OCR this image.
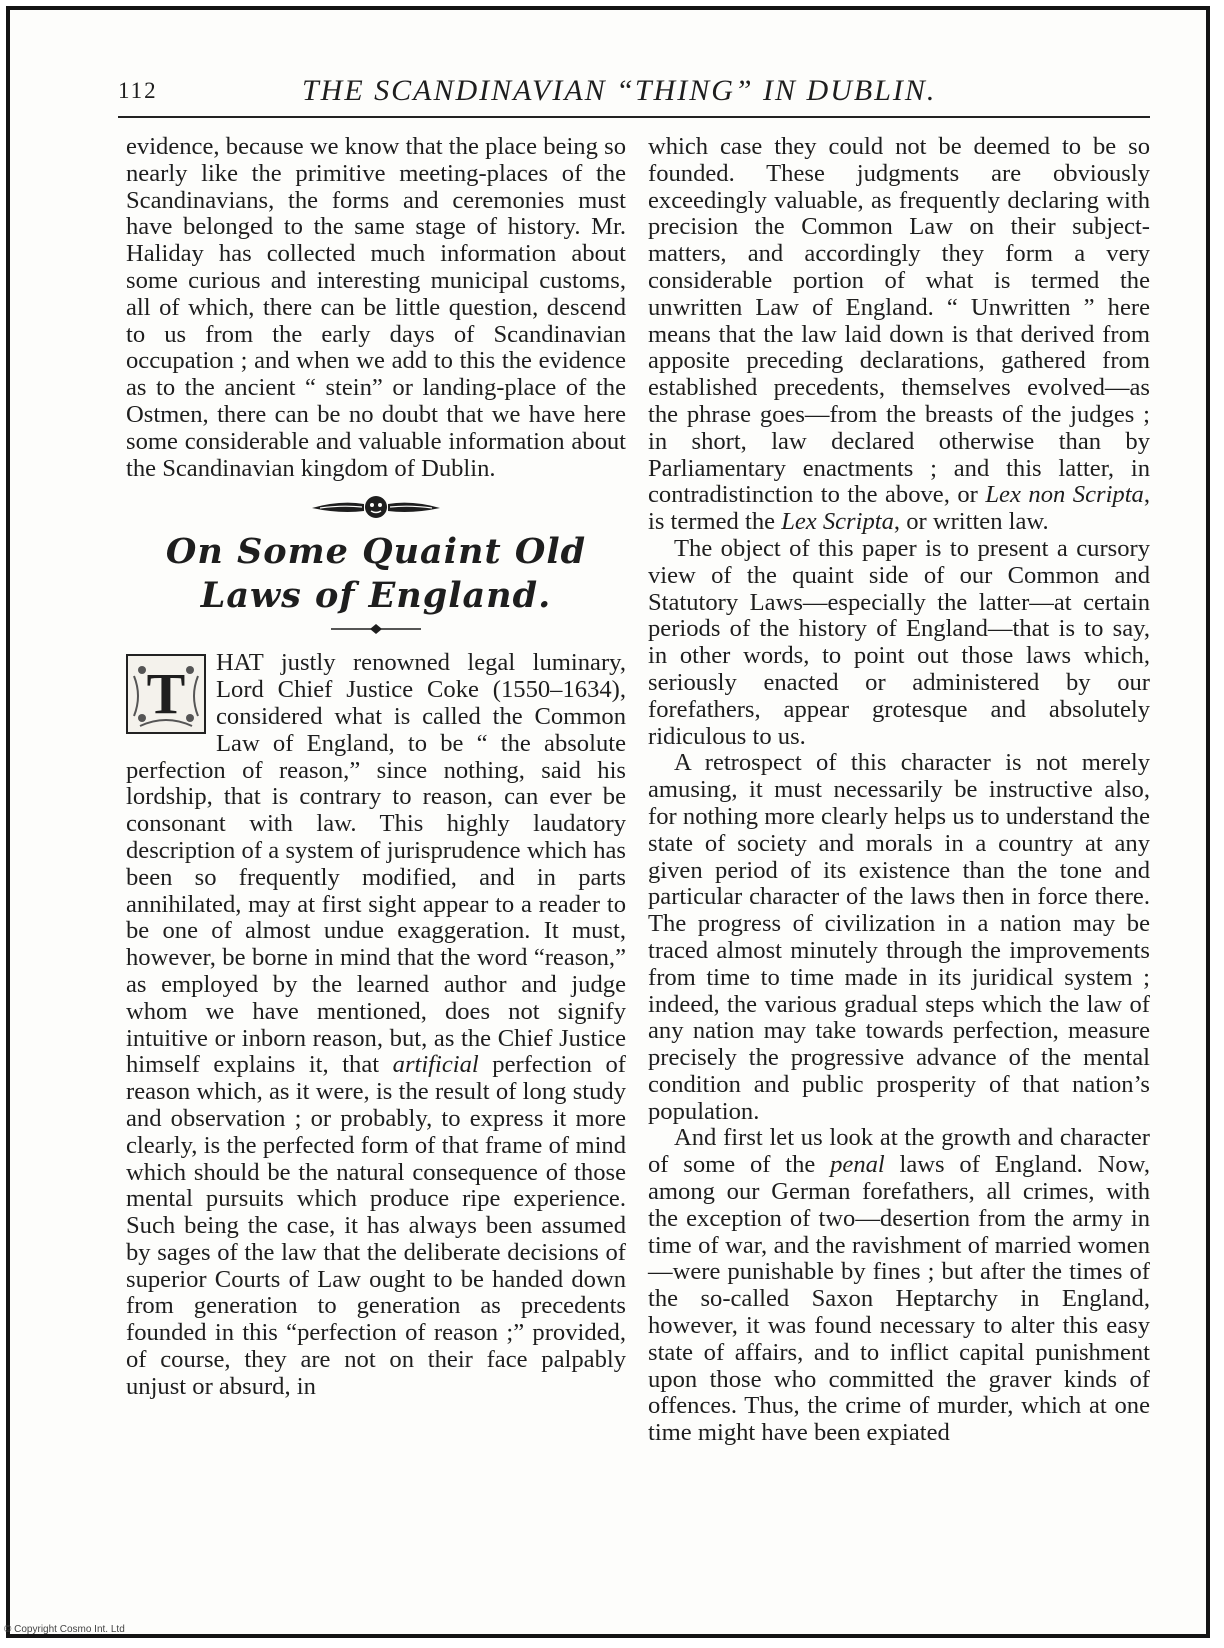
112	THE SCANDINAVIAN “THING” IN DUBLIN.

evidence, because we know that the place being so nearly like the primitive meeting-places of the Scandinavians, the forms and ceremonies must have belonged to the same stage of history. Mr. Haliday has collected much information about some curious and interesting municipal customs, all of which, there can be little question, descend to us from the early days of Scandinavian occupation ; and when we add to this the evidence as to the ancient “ stein” or landing-place of the Ostmen, there can be no doubt that we have here some considerable and valuable information about the Scandinavian kingdom of Dublin.

On Some Quaint Old Laws of England.
T	HAT justly renowned legal luminary, Lord Chief Justice Coke (1550–1634), considered what is called the Common Law of England, to be “ the absolute perfection of reason,” since nothing, said his lordship, that is contrary to reason, can ever be consonant with law. This highly laudatory description of a system of jurisprudence which has been so frequently modified, and in parts annihilated, may at first sight appear to a reader to be one of almost undue exaggeration. It must, however, be borne in mind that the word “reason,” as employed by the learned author and judge whom we have mentioned, does not signify intuitive or inborn reason, but, as the Chief Justice himself explains it, that artificial perfection of reason which, as it were, is the result of long study and observation ; or probably, to express it more clearly, is the perfected form of that frame of mind which should be the natural consequence of those mental pursuits which produce ripe experience. Such being the case, it has always been assumed by sages of the law that the deliberate decisions of superior Courts of Law ought to be handed down from generation to generation as precedents founded in this “perfection of reason ;” provided, of course, they are not on their face palpably unjust or absurd, in

which case they could not be deemed to be so founded. These judgments are obviously exceedingly valuable, as frequently declaring with precision the Common Law on their subject-matters, and accordingly they form a very considerable portion of what is termed the unwritten Law of England. “ Unwritten ” here means that the law laid down is that derived from apposite preceding declarations, gathered from established precedents, themselves evolved—as the phrase goes—from the breasts of the judges ; in short, law declared otherwise than by Parliamentary enactments ; and this latter, in contradistinction to the above, or Lex non Scripta, is termed the Lex Scripta, or written law.

The object of this paper is to present a cursory view of the quaint side of our Common and Statutory Laws—especially the latter—at certain periods of the history of England—that is to say, in other words, to point out those laws which, seriously enacted or administered by our forefathers, appear grotesque and absolutely ridiculous to us.

A retrospect of this character is not merely amusing, it must necessarily be instructive also, for nothing more clearly helps us to understand the state of society and morals in a country at any given period of its existence than the tone and particular character of the laws then in force there. The progress of civilization in a nation may be traced almost minutely through the improvements from time to time made in its juridical system ; indeed, the various gradual steps which the law of any nation may take towards perfection, measure precisely the progressive advance of the mental condition and public prosperity of that nation’s population.

And first let us look at the growth and character of some of the penal laws of England. Now, among our German forefathers, all crimes, with the exception of two—desertion from the army in time of war, and the ravishment of married women—were punishable by fines ; but after the times of the so-called Saxon Heptarchy in England, however, it was found necessary to alter this easy state of affairs, and to inflict capital punishment upon those who committed the graver kinds of offences. Thus, the crime of murder, which at one time might have been expiated

© Copyright Cosmo Int. Ltd
